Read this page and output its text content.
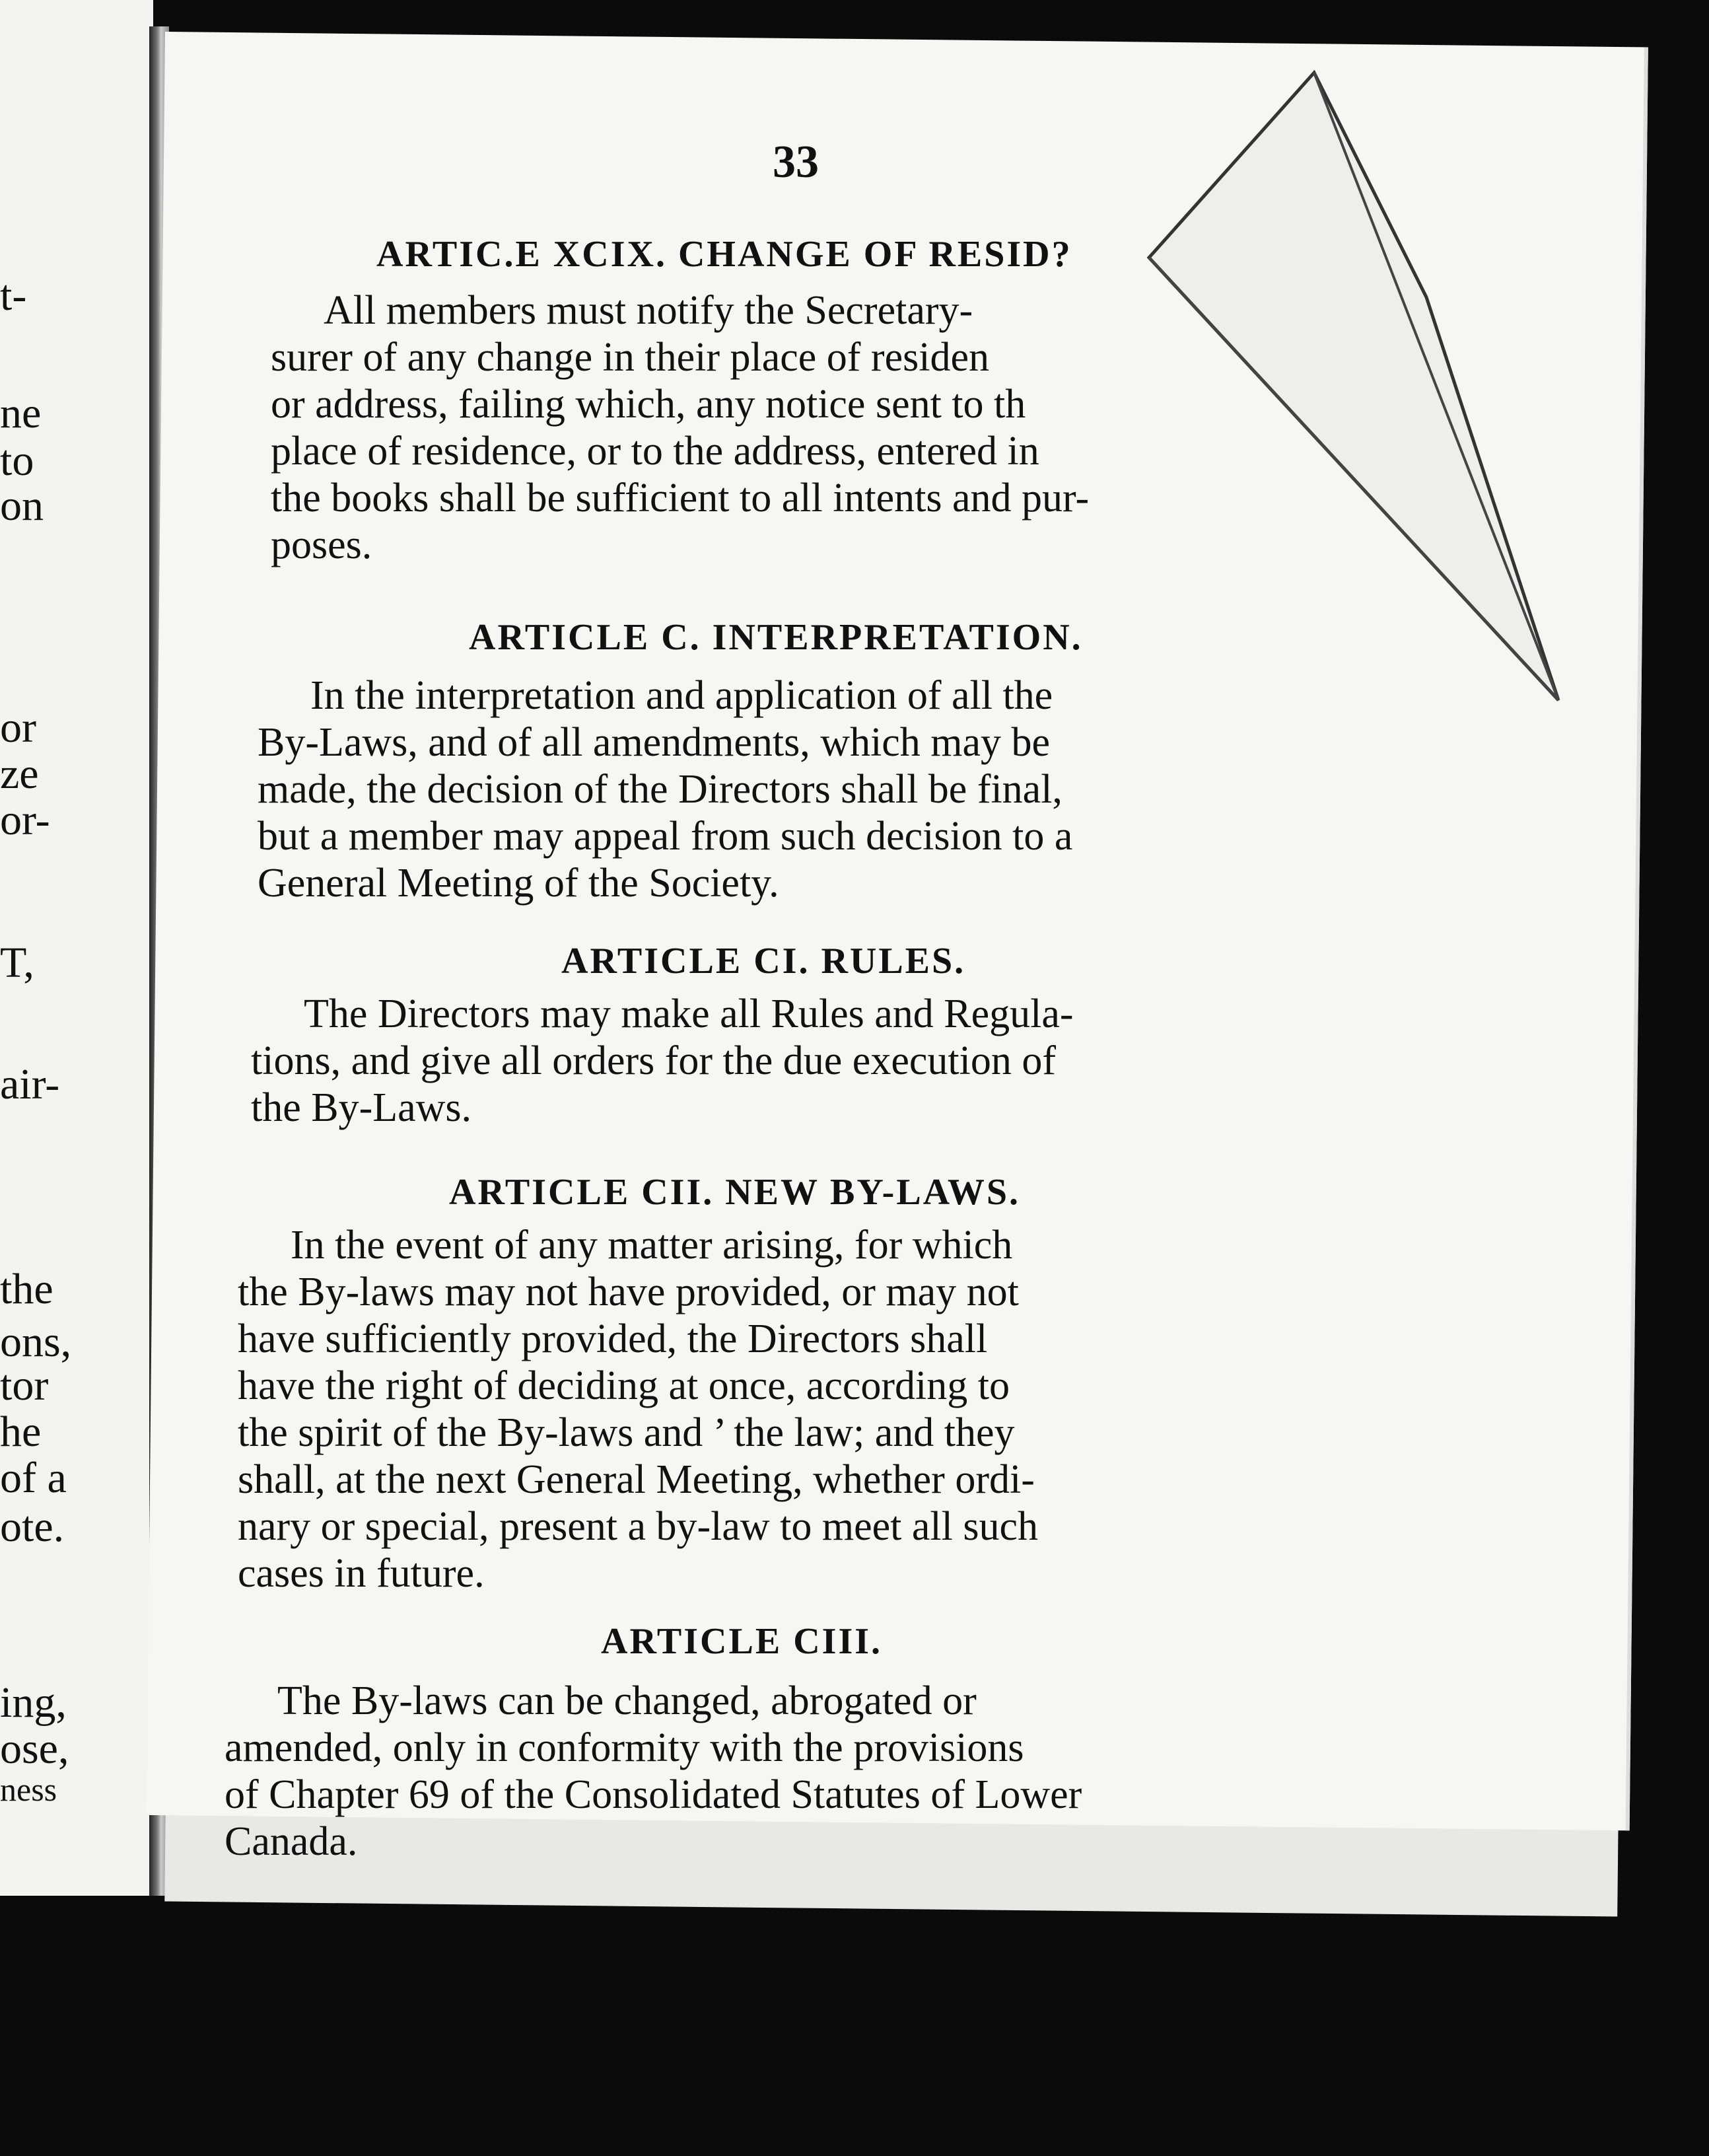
t-
ne
to
on
or
ze
or-
T,
air-
the
ons,
tor
he
of a
ote.
ing,
ose,
ness
33
ARTIC​.E XCIX. CHANGE OF RESID?
All members must notify the Secretary-
surer of any change in their place of residen
or address, failing which, any notice sent to th
place of residence, or to the address, entered in
the books shall be sufficient to all intents and pur-
poses.
ARTICLE C. INTERPRETATION.
In the interpretation and application of all the
By-Laws, and of all amendments, which may be
made, the decision of the Directors shall be final,
but a member may appeal from such decision to a
General Meeting of the Society.
ARTICLE CI. RULES.
The Directors may make all Rules and Regula-
tions, and give all orders for the due execution of
the By-Laws.
ARTICLE CII. NEW BY-LAWS.
In the event of any matter arising, for which
the By-laws may not have provided, or may not
have sufficiently provided, the Directors shall
have the right of deciding at once, according to
the spirit of the By-laws and ’ the law; and they
shall, at the next General Meeting, whether ordi-
nary or special, present a by-law to meet all such
cases in future.
ARTICLE CIII.
The By-laws can be changed, abrogated or
amended, only in conformity with the provisions
of Chapter 69 of the Consolidated Statutes of Lower
Canada.
